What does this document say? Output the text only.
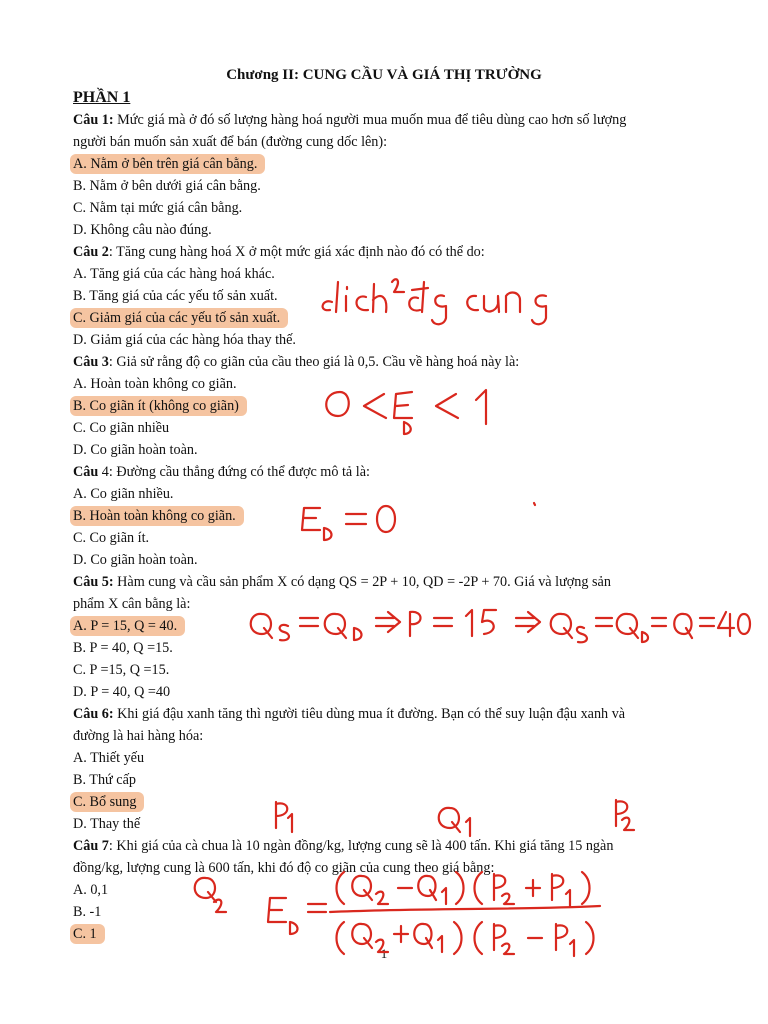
Chương II: CUNG CẦU VÀ GIÁ THỊ TRƯỜNG
PHẦN 1
Câu 1: Mức giá mà ở đó số lượng hàng hoá người mua muốn mua để tiêu dùng cao hơn số lượng
người bán muốn sản xuất để bán (đường cung dốc lên):
A. Nằm ở bên trên giá cân bằng.
B. Nằm ở bên dưới giá cân bằng.
C. Nằm tại mức giá cân bằng.
D. Không câu nào đúng.
Câu 2: Tăng cung hàng hoá X ở một mức giá xác định nào đó có thể do:
A. Tăng giá của các hàng hoá khác.
B. Tăng giá của các yếu tố sản xuất.
C. Giảm giá của các yếu tố sản xuất.
D. Giảm giá của các hàng hóa thay thế.
Câu 3: Giả sử rằng độ co giãn của cầu theo giá là 0,5. Cầu về hàng hoá này là:
A. Hoàn toàn không co giãn.
B. Co giãn ít (không co giãn)
C. Co giãn nhiều
D. Co giãn hoàn toàn.
Câu 4: Đường cầu thẳng đứng có thể được mô tả là:
A. Co giãn nhiều.
B. Hoàn toàn không co giãn.
C. Co giãn ít.
D. Co giãn hoàn toàn.
Câu 5: Hàm cung và cầu sản phẩm X có dạng QS = 2P + 10, QD = -2P + 70. Giá và lượng sản
phẩm X cân bằng là:
A. P = 15, Q = 40.
B. P = 40, Q =15.
C. P =15, Q =15.
D. P = 40, Q =40
Câu 6: Khi giá đậu xanh tăng thì người tiêu dùng mua ít đường. Bạn có thể suy luận đậu xanh và
đường là hai hàng hóa:
A. Thiết yếu
B. Thứ cấp
C. Bổ sung
D. Thay thế
Câu 7: Khi giá của cà chua là 10 ngàn đồng/kg, lượng cung sẽ là 400 tấn. Khi giá tăng 15 ngàn
đồng/kg, lượng cung là 600 tấn, khi đó độ co giãn của cung theo giá bằng:
A. 0,1
B. -1
C. 1
1
